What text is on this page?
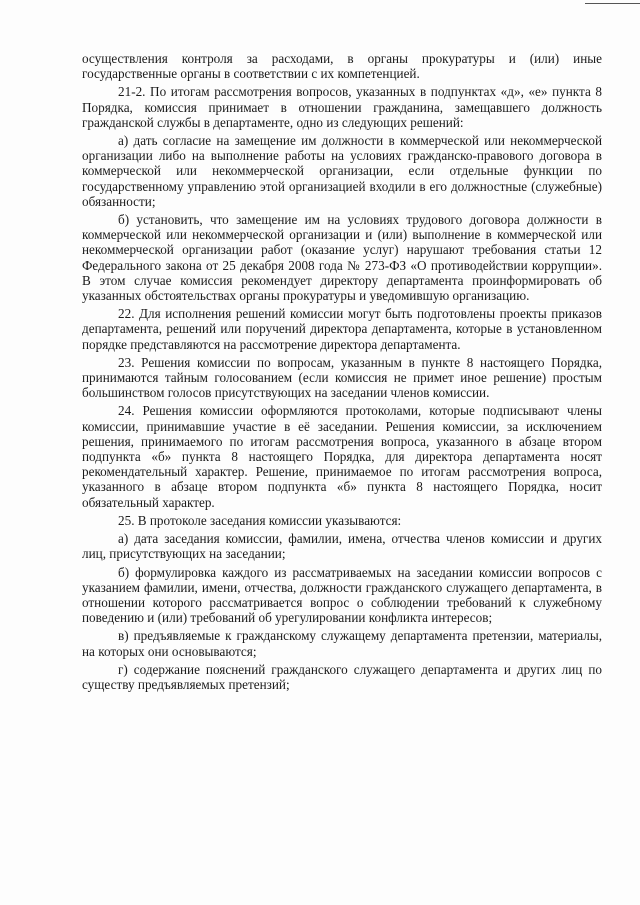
осуществления контроля за расходами, в органы прокуратуры и (или) иные государственные органы в соответствии с их компетенцией.

21-2. По итогам рассмотрения вопросов, указанных в подпунктах «д», «е» пункта 8 Порядка, комиссия принимает в отношении гражданина, замещавшего должность гражданской службы в департаменте, одно из следующих решений:

а) дать согласие на замещение им должности в коммерческой или некоммерческой организации либо на выполнение работы на условиях гражданско-правового договора в коммерческой или некоммерческой организации, если отдельные функции по государственному управлению этой организацией входили в его должностные (служебные) обязанности;

б) установить, что замещение им на условиях трудового договора должности в коммерческой или некоммерческой организации и (или) выполнение в коммерческой или некоммерческой организации работ (оказание услуг) нарушают требования статьи 12 Федерального закона от 25 декабря 2008 года № 273-ФЗ «О противодействии коррупции». В этом случае комиссия рекомендует директору департамента проинформировать об указанных обстоятельствах органы прокуратуры и уведомившую организацию.

22. Для исполнения решений комиссии могут быть подготовлены проекты приказов департамента, решений или поручений директора департамента, которые в установленном порядке представляются на рассмотрение директора департамента.

23. Решения комиссии по вопросам, указанным в пункте 8 настоящего Порядка, принимаются тайным голосованием (если комиссия не примет иное решение) простым большинством голосов присутствующих на заседании членов комиссии.

24. Решения комиссии оформляются протоколами, которые подписывают члены комиссии, принимавшие участие в её заседании. Решения комиссии, за исключением решения, принимаемого по итогам рассмотрения вопроса, указанного в абзаце втором подпункта «б» пункта 8 настоящего Порядка, для директора департамента носят рекомендательный характер. Решение, принимаемое по итогам рассмотрения вопроса, указанного в абзаце втором подпункта «б» пункта 8 настоящего Порядка, носит обязательный характер.

25. В протоколе заседания комиссии указываются:

а) дата заседания комиссии, фамилии, имена, отчества членов комиссии и других лиц, присутствующих на заседании;

б) формулировка каждого из рассматриваемых на заседании комиссии вопросов с указанием фамилии, имени, отчества, должности гражданского служащего департамента, в отношении которого рассматривается вопрос о соблюдении требований к служебному поведению и (или) требований об урегулировании конфликта интересов;

в) предъявляемые к гражданскому служащему департамента претензии, материалы, на которых они основываются;

г) содержание пояснений гражданского служащего департамента и других лиц по существу предъявляемых претензий;
